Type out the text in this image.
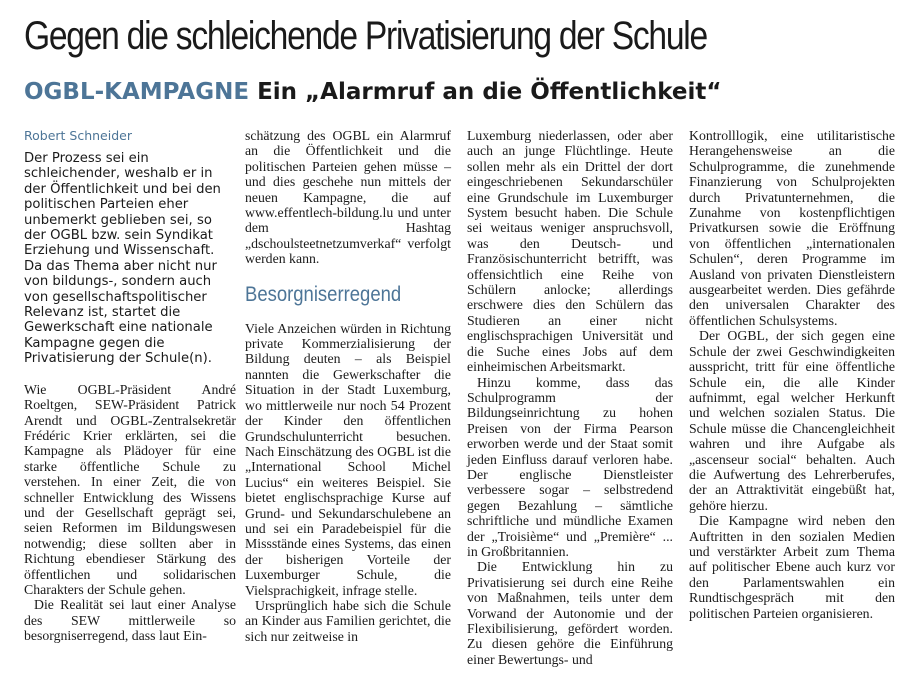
Gegen die schleichende Privatisierung der Schule
OGBL-KAMPAGNE Ein „Alarmruf an die Öffentlichkeit“
Robert Schneider
Der Prozess sei ein
schleichender, weshalb er in
der Öffentlichkeit und bei den
politischen Parteien eher
unbemerkt geblieben sei, so
der OGBL bzw. sein Syndikat
Erziehung und Wissenschaft.
Da das Thema aber nicht nur
von bildungs-, sondern auch
von gesellschaftspolitischer
Relevanz ist, startet die
Gewerkschaft eine nationale
Kampagne gegen die
Privatisierung der Schule(n).

Wie OGBL-Präsident André Roeltgen, SEW-Präsident Patrick Arendt und OGBL-Zentralsekretär Frédéric Krier erklärten, sei die Kampagne als Plädoyer für eine starke öffentliche Schule zu verstehen. In einer Zeit, die von schneller Entwicklung des Wissens und der Gesellschaft geprägt sei, seien Reformen im Bildungswesen notwendig; diese sollten aber in Richtung ebendieser Stärkung des öffentlichen und solidarischen Charakters der Schule gehen.

Die Realität sei laut einer Analyse des SEW mittlerweile so besorgniserregend, dass laut Ein-

schätzung des OGBL ein Alarmruf an die Öffentlichkeit und die politischen Parteien gehen müsse – und dies geschehe nun mittels der neuen Kampagne, die auf www.effentlech-bildung.lu und unter dem Hashtag „dschoulsteetnetzumverkaf“ verfolgt werden kann.

Besorgniserregend

Viele Anzeichen würden in Richtung private Kommerzialisierung der Bildung deuten – als Beispiel nannten die Gewerkschafter die Situation in der Stadt Luxemburg, wo mittlerweile nur noch 54 Prozent der Kinder den öffentlichen Grundschulunterricht besuchen. Nach Einschätzung des OGBL ist die „International School Michel Lucius“ ein weiteres Beispiel. Sie bietet englischsprachige Kurse auf Grund- und Sekundarschulebene an und sei ein Paradebeispiel für die Missstände eines Systems, das einen der bisherigen Vorteile der Luxemburger Schule, die Vielsprachigkeit, infrage stelle.

Ursprünglich habe sich die Schule an Kinder aus Familien gerichtet, die sich nur zeitweise in

Luxemburg niederlassen, oder aber auch an junge Flüchtlinge. Heute sollen mehr als ein Drittel der dort eingeschriebenen Sekundarschüler eine Grundschule im Luxemburger System besucht haben. Die Schule sei weitaus weniger anspruchsvoll, was den Deutsch- und Französischunterricht betrifft, was offensichtlich eine Reihe von Schülern anlocke; allerdings erschwere dies den Schülern das Studieren an einer nicht englischsprachigen Universität und die Suche eines Jobs auf dem einheimischen Arbeitsmarkt.

Hinzu komme, dass das Schulprogramm der Bildungseinrichtung zu hohen Preisen von der Firma Pearson erworben werde und der Staat somit jeden Einfluss darauf verloren habe. Der englische Dienstleister verbessere sogar – selbstredend gegen Bezahlung – sämtliche schriftliche und mündliche Examen der „Troisième“ und „Première“ ... in Großbritannien.

Die Entwicklung hin zu Privatisierung sei durch eine Reihe von Maßnahmen, teils unter dem Vorwand der Autonomie und der Flexibilisierung, gefördert worden. Zu diesen gehöre die Einführung einer Bewertungs- und

Kontrolllogik, eine utilitaristische Herangehensweise an die Schulprogramme, die zunehmende Finanzierung von Schulprojekten durch Privatunternehmen, die Zunahme von kostenpflichtigen Privatkursen sowie die Eröffnung von öffentlichen „internationalen Schulen“, deren Programme im Ausland von privaten Dienstleistern ausgearbeitet werden. Dies gefährde den universalen Charakter des öffentlichen Schulsystems.

Der OGBL, der sich gegen eine Schule der zwei Geschwindigkeiten ausspricht, tritt für eine öffentliche Schule ein, die alle Kinder aufnimmt, egal welcher Herkunft und welchen sozialen Status. Die Schule müsse die Chancengleichheit wahren und ihre Aufgabe als „ascenseur social“ behalten. Auch die Aufwertung des Lehrerberufes, der an Attraktivität eingebüßt hat, gehöre hierzu.

Die Kampagne wird neben den Auftritten in den sozialen Medien und verstärkter Arbeit zum Thema auf politischer Ebene auch kurz vor den Parlamentswahlen ein Rundtischgespräch mit den politischen Parteien organisieren.
